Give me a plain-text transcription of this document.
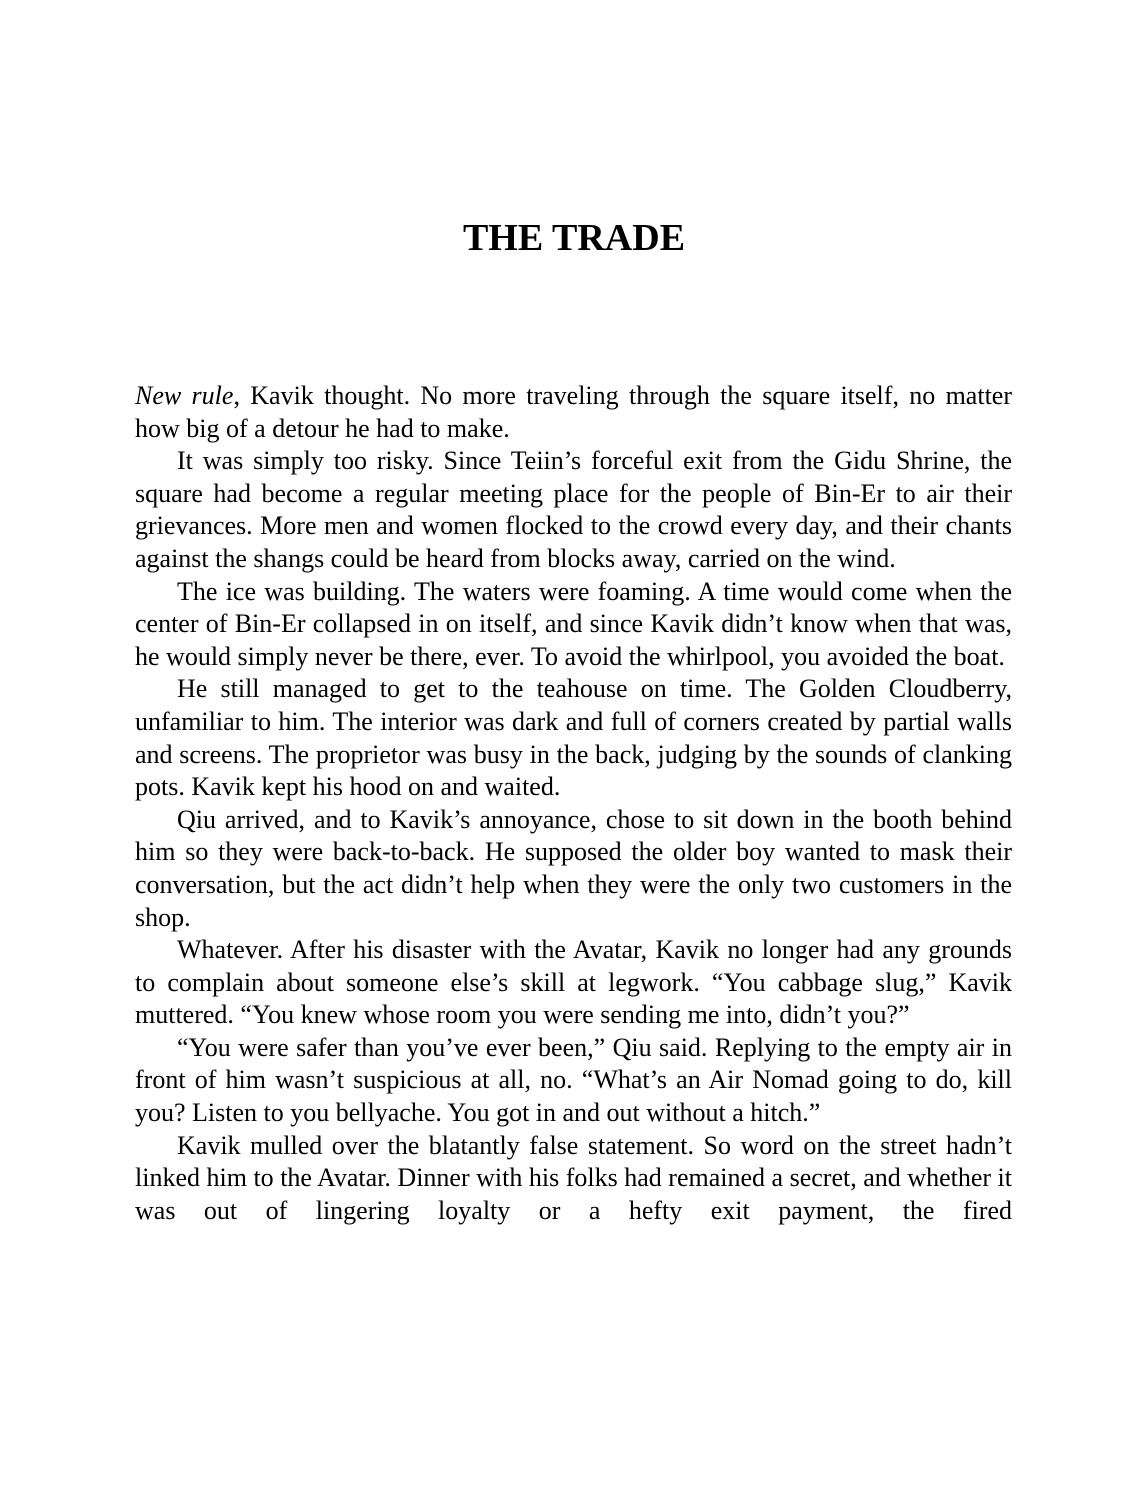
THE TRADE

New rule, Kavik thought. No more traveling through the square itself, no matter how big of a detour he had to make.

It was simply too risky. Since Teiin’s forceful exit from the Gidu Shrine, the square had become a regular meeting place for the people of Bin-Er to air their grievances. More men and women flocked to the crowd every day, and their chants against the shangs could be heard from blocks away, carried on the wind.

The ice was building. The waters were foaming. A time would come when the center of Bin-Er collapsed in on itself, and since Kavik didn’t know when that was, he would simply never be there, ever. To avoid the whirlpool, you avoided the boat.

He still managed to get to the teahouse on time. The Golden Cloudberry, unfamiliar to him. The interior was dark and full of corners created by partial walls and screens. The proprietor was busy in the back, judging by the sounds of clanking pots. Kavik kept his hood on and waited.

Qiu arrived, and to Kavik’s annoyance, chose to sit down in the booth behind him so they were back-to-back. He supposed the older boy wanted to mask their conversation, but the act didn’t help when they were the only two customers in the shop.

Whatever. After his disaster with the Avatar, Kavik no longer had any grounds to complain about someone else’s skill at legwork. “You cabbage slug,” Kavik muttered. “You knew whose room you were sending me into, didn’t you?”

“You were safer than you’ve ever been,” Qiu said. Replying to the empty air in front of him wasn’t suspicious at all, no. “What’s an Air Nomad going to do, kill you? Listen to you bellyache. You got in and out without a hitch.”

Kavik mulled over the blatantly false statement. So word on the street hadn’t linked him to the Avatar. Dinner with his folks had remained a secret, and whether it was out of lingering loyalty or a hefty exit payment, the fired
